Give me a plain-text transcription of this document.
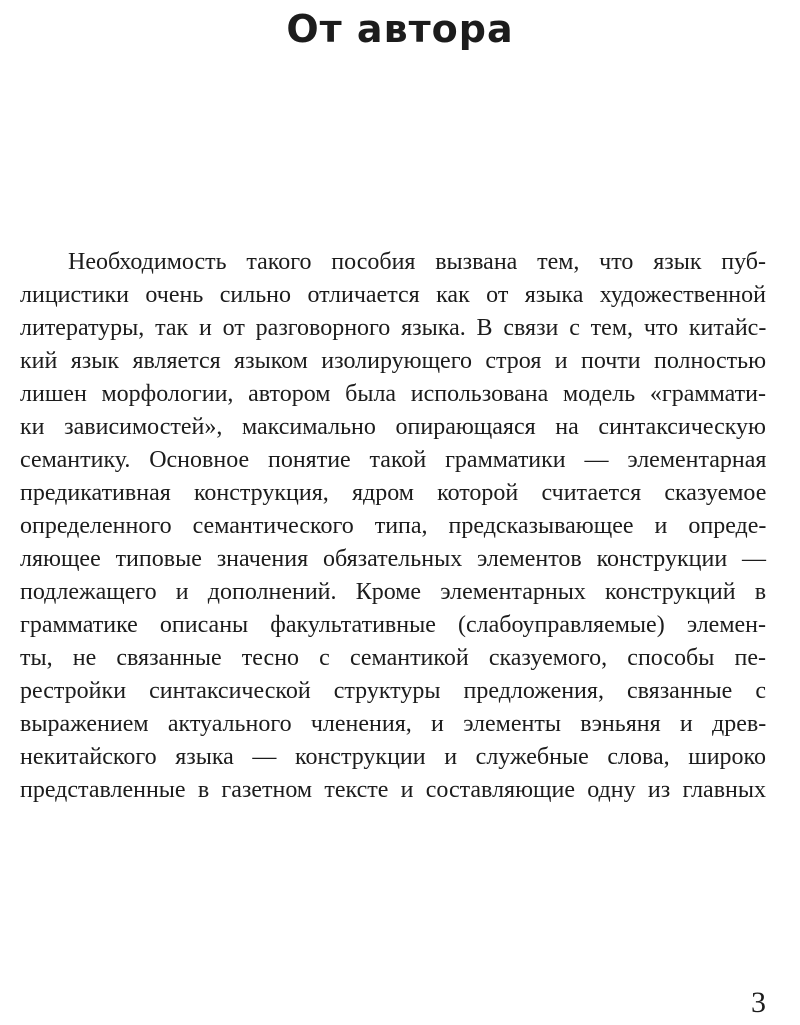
От автора
Необходимость такого пособия вызвана тем, что язык пуб-
лицистики очень сильно отличается как от языка художественной
литературы, так и от разговорного языка. В связи с тем, что китайс-
кий язык является языком изолирующего строя и почти полностью
лишен морфологии, автором была использована модель «граммати-
ки зависимостей», максимально опирающаяся на синтаксическую
семантику. Основное понятие такой грамматики — элементарная
предикативная конструкция, ядром которой считается сказуемое
определенного семантического типа, предсказывающее и опреде-
ляющее типовые значения обязательных элементов конструкции —
подлежащего и дополнений. Кроме элементарных конструкций в
грамматике описаны факультативные (слабоуправляемые) элемен-
ты, не связанные тесно с семантикой сказуемого, способы пе-
рестройки синтаксической структуры предложения, связанные с
выражением актуального членения, и элементы вэньяня и древ-
некитайского языка — конструкции и служебные слова, широко
представленные в газетном тексте и составляющие одну из главных
3
